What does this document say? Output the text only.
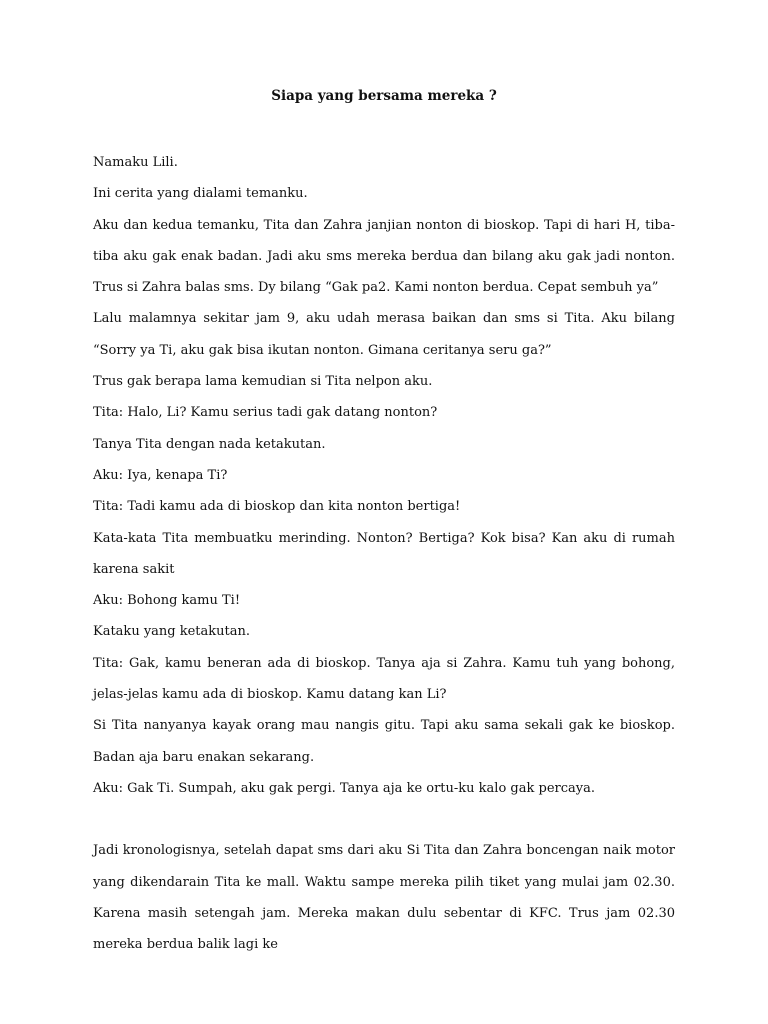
Siapa yang bersama mereka ?

Namaku Lili.

Ini cerita yang dialami temanku.

Aku dan kedua temanku, Tita dan Zahra janjian nonton di bioskop. Tapi di hari H, tiba-tiba aku gak enak badan. Jadi aku sms mereka berdua dan bilang aku gak jadi nonton. Trus si Zahra balas sms. Dy bilang “Gak pa2. Kami nonton berdua. Cepat sembuh ya”

Lalu malamnya sekitar jam 9, aku udah merasa baikan dan sms si Tita. Aku bilang “Sorry ya Ti, aku gak bisa ikutan nonton. Gimana ceritanya seru ga?”

Trus gak berapa lama kemudian si Tita nelpon aku.

Tita: Halo, Li? Kamu serius tadi gak datang nonton?

Tanya Tita dengan nada ketakutan.

Aku: Iya, kenapa Ti?

Tita: Tadi kamu ada di bioskop dan kita nonton bertiga!

Kata-kata Tita membuatku merinding. Nonton? Bertiga? Kok bisa? Kan aku di rumah karena sakit

Aku: Bohong kamu Ti!

Kataku yang ketakutan.

Tita: Gak, kamu beneran ada di bioskop. Tanya aja si Zahra. Kamu tuh yang bohong, jelas-jelas kamu ada di bioskop. Kamu datang kan Li?

Si Tita nanyanya kayak orang mau nangis gitu. Tapi aku sama sekali gak ke bioskop. Badan aja baru enakan sekarang.

Aku: Gak Ti. Sumpah, aku gak pergi. Tanya aja ke ortu-ku kalo gak percaya.

Jadi kronologisnya, setelah dapat sms dari aku Si Tita dan Zahra boncengan naik motor yang dikendarain Tita ke mall. Waktu sampe mereka pilih tiket yang mulai jam 02.30. Karena masih setengah jam. Mereka makan dulu sebentar di KFC. Trus jam 02.30 mereka berdua balik lagi ke
